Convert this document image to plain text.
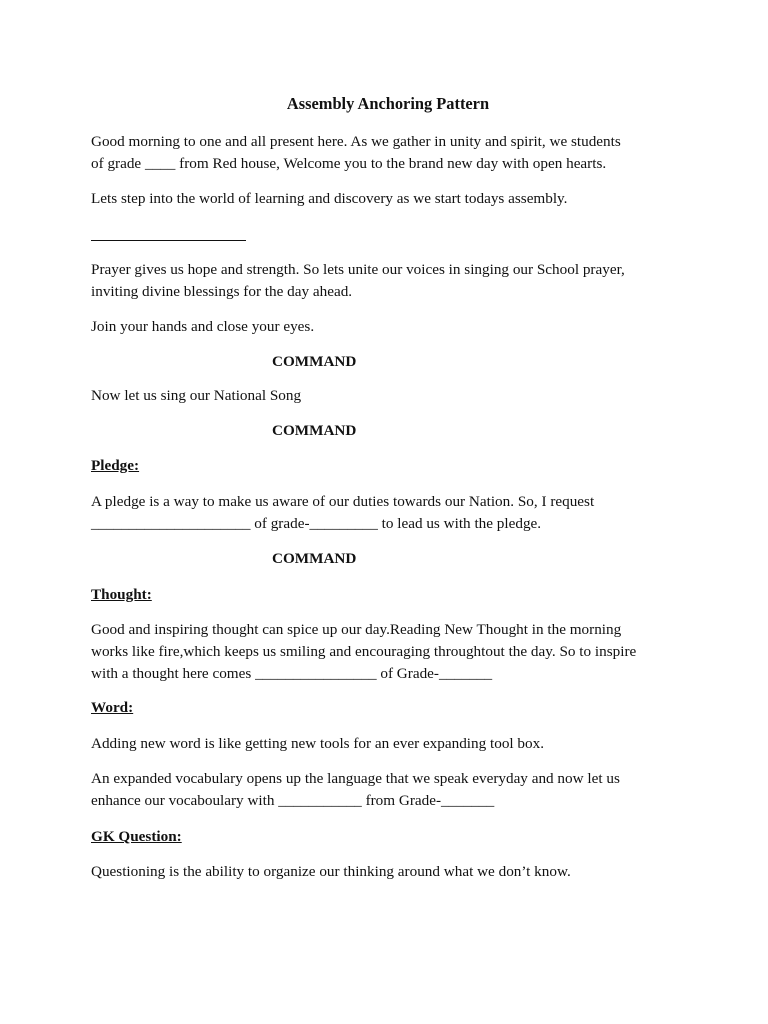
Assembly Anchoring Pattern

Good morning to one and all present here. As we gather in unity and spirit, we students
of grade ____ from Red house, Welcome you to the brand new day with open hearts.

Lets step into the world of learning and discovery as we start todays assembly.

Prayer gives us hope and strength. So lets unite our voices in singing our School prayer,
inviting divine blessings for the day ahead.

Join your hands and close your eyes.

COMMAND

Now let us sing our National Song

COMMAND

Pledge:

A pledge is a way to make us aware of our duties towards our Nation. So, I request
_____________________ of grade-_________ to lead us with the pledge.

COMMAND

Thought:

Good and inspiring thought can spice up our day.Reading New Thought in the morning
works like fire,which keeps us smiling and encouraging throughtout the day. So to inspire
with a thought here comes ________________ of Grade-_______

Word:

Adding new word is like getting new tools for an ever expanding tool box.

An expanded vocabulary opens up the language that we speak everyday and now let us
enhance our vocaboulary with ___________ from Grade-_______

GK Question:

Questioning is the ability to organize our thinking around what we don’t know.
